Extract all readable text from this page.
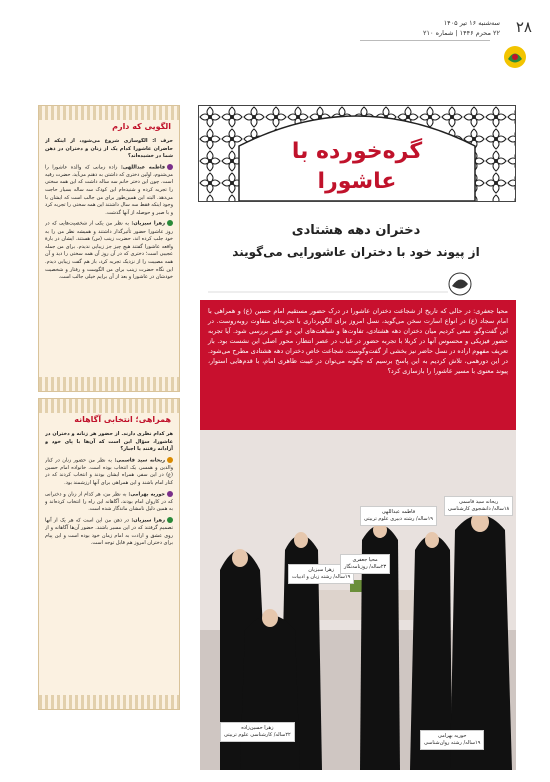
۲۸
سه‌شنبه ۱۶ تیر ۱۴۰۵
۲۲ محرم ۱۴۴۶ | شماره ۲۱۰
الگویی که دارم

حرف ا: الگوسازی شروع می‌شود، از اینکه از حاضران عاشورا کدام یک از زنان و دختران در ذهن شما در خشیده‌اند؟

فاطمه عبداللهی: زاده زمانی که والده عاشورا را می‌شنوم، اولین دختری که داشتن به ذهنم می‌آید، حضرت رقیه است. چون این دختر خانم سه ساله داشت که این همه سختی را تجربه کرده و شنیده‌ام این کودک سه ساله بسیار حاجت می‌دهد. البته این همین‌طور برای من جالب است که ایشان با وجود اینکه فقط سه سال داشتند این همه سختی را تجربه کرد و با صبر و حوصله از آنها گذشت.

زهرا سبزیان: به نظر من یکی از شخصیت‌هایی که در روز عاشورا حضور تأثیرگذار داشتند و همیشه نظر من را به خود جلب کرده اند، حضرت زینب (س) هستند. ایشان در بارهٔ واقعه عاشورا گفتند هیچ چیز جز زیبایی ندیدم. برای من جمله عجیبی است؛ دختری که در آن روز آن همه سختی را دید و آن همه مصیبت را از نزدیک تجربه کرد، باز هم گفت زیبایی دیدم. این نگاه حضرت زینب برای من الگوست و رفتار و شخصیت خودشان در عاشورا و بعد از آن برایم خیلی جالب است.

همراهی؛ انتخابی آگاهانه

هر کدام نظری دارند. از حضور هر زنانه و دختران در عاشورا، سؤال این است که آن‌ها با پای خود و آزادانه رفتند یا اجبار؟

ریحانه سید قاسمی: به نظر من حضور زنان در کنار والدین و همسر، یک انتخاب بوده است. خانواده امام حسین (ع) در این سفر، همراه ایشان بودند و انتخاب کردند که در کنار امام باشند و این همراهی برای آنها ارزشمند بود.

حوریه بهرامی: به نظر من، هر کدام از زنان و دخترانی که در کاروان امام بودند، آگاهانه این راه را انتخاب کرده‌اند و به همین دلیل نامشان ماندگار شده است.

زهرا سبزیان: در ذهن من این است که هر یک از آنها تصمیم گرفتند که در این مسیر باشند. حضور آن‌ها آگاهانه و از روی عشق و ارادت به امام زمان خود بوده است و این پیام برای دختران امروز هم قابل توجه است.

گره‌خورده با عاشورا
دختران دهه‌ هشتادی
از پیوند خود با دختران عاشورایی می‌گویند
محیا جعفری: در حالی که تاریخ از شجاعت دختران عاشورا در درک حضور مستقیم امام حسین (ع) و همراهی با امام سجاد (ع) در انواع اسارت سخن می‌گوید، نسل امروز برای الگوبرداری با تجربه‌ای متفاوت روبه‌روست. در این گفت‌وگو، سعی کردیم میان دختران دهه‌ هشتادی، تفاوت‌ها و شباهت‌های این دو عصر بررسی شود. آیا تجربه حضور فیزیکی و محسوس آنها در کربلا با تجربه حضور در غیاب در عصر انتظار، محور اصلی این نشست بود. باز تعریف مفهوم اراده در نسل حاضر نیز بخشی از گفت‌وگوست. شجاعت خاص دختران دهه‌ هشتادی مطرح می‌شود. در این دورهمی، تلاش کردیم به این پاسخ برسیم که چگونه می‌توان در غیبت ظاهری امام، با قدم‌هایی استوار، پیوند معنوی با مسیر عاشورا را بازسازی کرد؟
فاطمه عبداللهی
۱۹ساله/ رشته دبیری علوم تربیتی
ریحانه سید قاسمی
۱۸ساله/ دانشجوی کارشناسی
زهرا سبزیان
۱۹ساله/ رشته زبان و ادبیات
محیا جعفری
۲۳ساله/ روزنامه‌نگار
زهرا حسین‌زاده
۲۲ساله/ کارشناسی علوم تربیتی	حوریه بهرامی
۱۹ساله/ رشته روان‌شناسی
